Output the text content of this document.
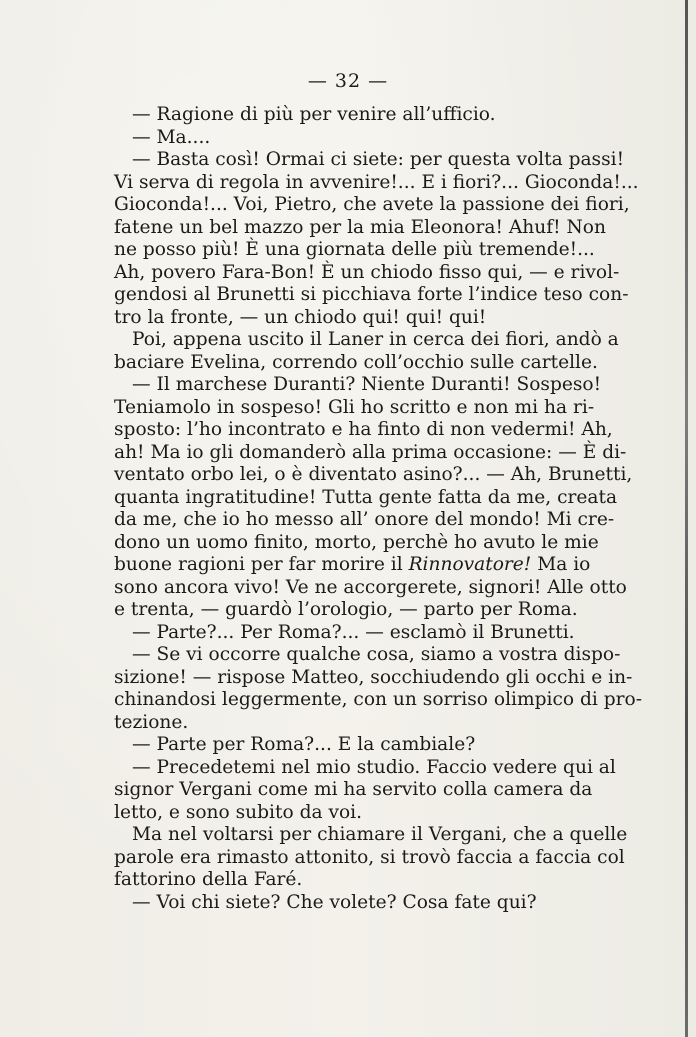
— 32 —
— Ragione di più per venire all’ufficio.
— Ma....
— Basta così! Ormai ci siete: per questa volta passi!
Vi serva di regola in avvenire!... E i fiori?... Gioconda!...
Gioconda!... Voi, Pietro, che avete la passione dei fiori,
fatene un bel mazzo per la mia Eleonora! Ahuf! Non
ne posso più! È una giornata delle più tremende!...
Ah, povero Fara-Bon! È un chiodo fisso qui, — e rivol-
gendosi al Brunetti si picchiava forte l’indice teso con-
tro la fronte, — un chiodo qui! qui! qui!
Poi, appena uscito il Laner in cerca dei fiori, andò a
baciare Evelina, correndo coll’occhio sulle cartelle.
— Il marchese Duranti? Niente Duranti! Sospeso!
Teniamolo in sospeso! Gli ho scritto e non mi ha ri-
sposto: l’ho incontrato e ha finto di non vedermi! Ah,
ah! Ma io gli domanderò alla prima occasione: — È di-
ventato orbo lei, o è diventato asino?... — Ah, Brunetti,
quanta ingratitudine! Tutta gente fatta da me, creata
da me, che io ho messo all’ onore del mondo! Mi cre-
dono un uomo finito, morto, perchè ho avuto le mie
buone ragioni per far morire il Rinnovatore! Ma io
sono ancora vivo! Ve ne accorgerete, signori! Alle otto
e trenta, — guardò l’orologio, — parto per Roma.
— Parte?... Per Roma?... — esclamò il Brunetti.
— Se vi occorre qualche cosa, siamo a vostra dispo-
sizione! — rispose Matteo, socchiudendo gli occhi e in-
chinandosi leggermente, con un sorriso olimpico di pro-
tezione.
— Parte per Roma?... E la cambiale?
— Precedetemi nel mio studio. Faccio vedere qui al
signor Vergani come mi ha servito colla camera da
letto, e sono subito da voi.
Ma nel voltarsi per chiamare il Vergani, che a quelle
parole era rimasto attonito, si trovò faccia a faccia col
fattorino della Faré.
— Voi chi siete? Che volete? Cosa fate qui?
